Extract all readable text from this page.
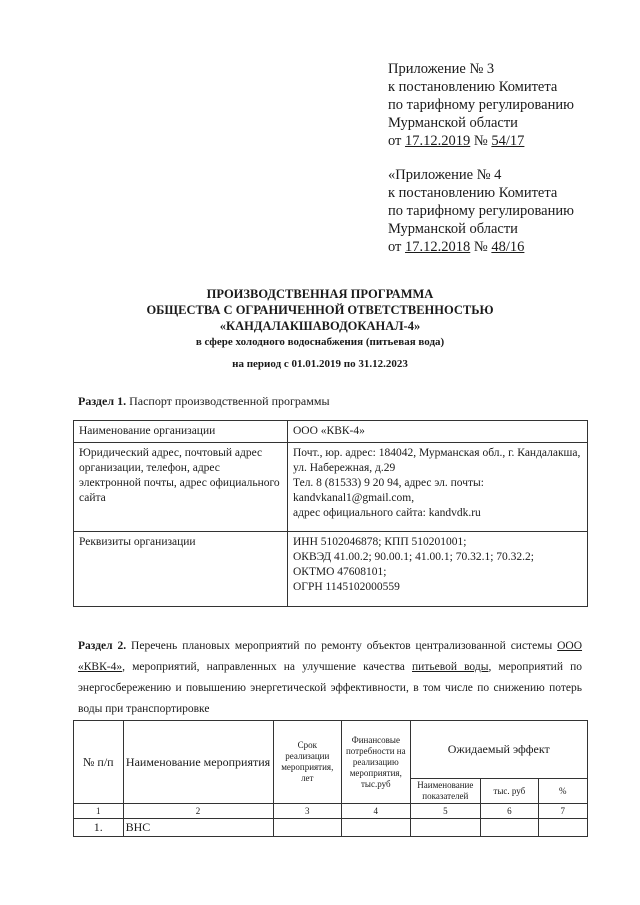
Приложение № 3
к постановлению Комитета
по тарифному регулированию
Мурманской области
от 17.12.2019 № 54/17
«Приложение № 4
к постановлению Комитета
по тарифному регулированию
Мурманской области
от 17.12.2018 № 48/16
ПРОИЗВОДСТВЕННАЯ ПРОГРАММА
ОБЩЕСТВА С ОГРАНИЧЕННОЙ ОТВЕТСТВЕННОСТЬЮ
«КАНДАЛАКШАВОДОКАНАЛ-4»
в сфере холодного водоснабжения (питьевая вода)
на период с 01.01.2019 по 31.12.2023
Раздел 1. Паспорт производственной программы
Наименование организации	ООО «КВК-4»

Юридический адрес, почтовый адрес организации, телефон, адрес электронной почты, адрес официального сайта	Почт., юр. адрес: 184042, Мурманская обл., г. Кандалакша, ул. Набережная, д.29
Тел. 8 (81533) 9 20 94, адрес эл. почты: kandvkanal1@gmail.com,
адрес официального сайта: kandvdk.ru

Реквизиты организации	ИНН 5102046878; КПП 510201001;
ОКВЭД 41.00.2; 90.00.1; 41.00.1; 70.32.1; 70.32.2;
ОКТМО 47608101;
ОГРН 1145102000559
Раздел 2. Перечень плановых мероприятий по ремонту объектов централизованной системы ООО «КВК-4», мероприятий, направленных на улучшение качества питьевой воды, мероприятий по энергосбережению и повышению энергетической эффективности, в том числе по снижению потерь воды при транспортировке
№ п/п	Наименование мероприятия	Срок реализации мероприятия, лет	Финансовые потребности на реализацию мероприятия, тыс.руб	Ожидаемый эффект		
				Наименование показателей	тыс. руб	%
1	2	3	4	5	6	7
1.	ВНС					
